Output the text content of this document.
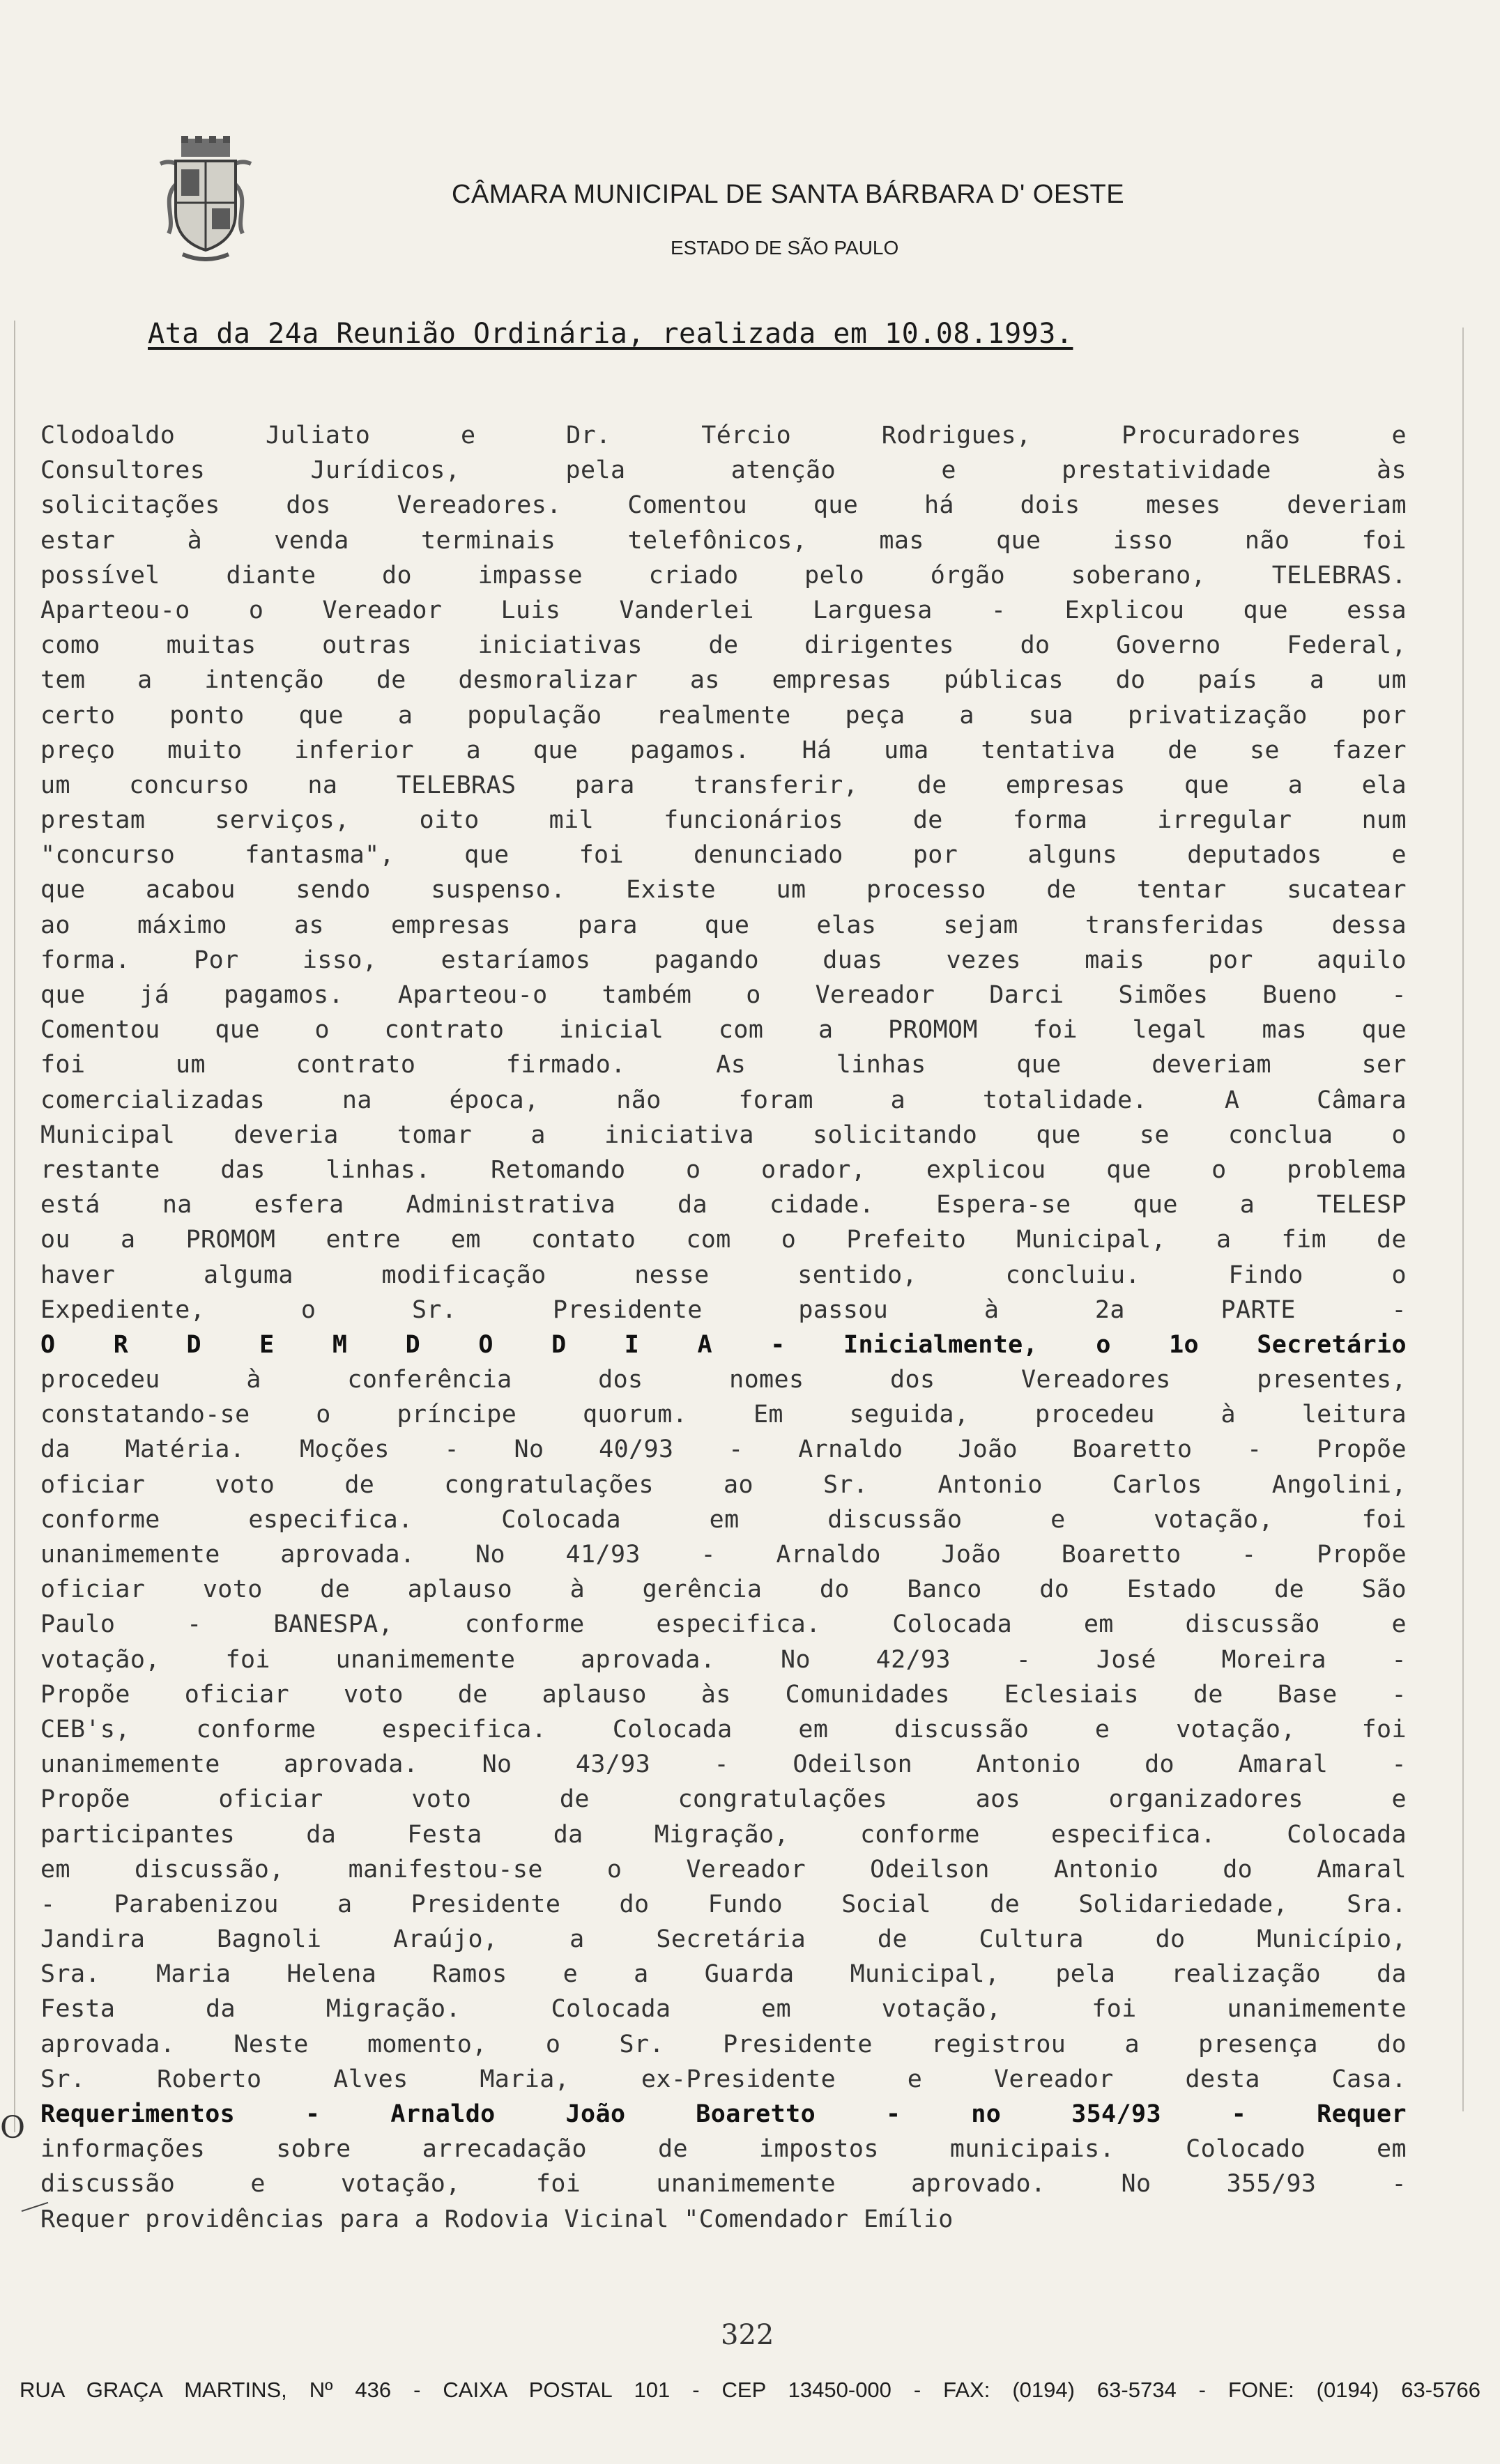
CÂMARA MUNICIPAL DE SANTA BÁRBARA D' OESTE
ESTADO DE SÃO PAULO
Ata da 24a Reunião Ordinária, realizada em 10.08.1993.
Clodoaldo Juliato e Dr. Tércio Rodrigues, Procuradores e
Consultores Jurídicos, pela atenção e prestatividade às
solicitações dos Vereadores. Comentou que há dois meses deveriam
estar à venda terminais telefônicos, mas que isso não foi
possível diante do impasse criado pelo órgão soberano, TELEBRAS.
Aparteou-o o Vereador Luis Vanderlei Larguesa - Explicou que essa
como muitas outras iniciativas de dirigentes do Governo Federal,
tem a intenção de desmoralizar as empresas públicas do país a um
certo ponto que a população realmente peça a sua privatização por
preço muito inferior a que pagamos. Há uma tentativa de se fazer
um concurso na TELEBRAS para transferir, de empresas que a ela
prestam serviços, oito mil funcionários de forma irregular num
"concurso fantasma", que foi denunciado por alguns deputados e
que acabou sendo suspenso. Existe um processo de tentar sucatear
ao máximo as empresas para que elas sejam transferidas dessa
forma. Por isso, estaríamos pagando duas vezes mais por aquilo
que já pagamos. Aparteou-o também o Vereador Darci Simões Bueno -
Comentou que o contrato inicial com a PROMOM foi legal mas que
foi um contrato firmado. As linhas que deveriam ser
comercializadas na época, não foram a totalidade. A Câmara
Municipal deveria tomar a iniciativa solicitando que se conclua o
restante das linhas. Retomando o orador, explicou que o problema
está na esfera Administrativa da cidade. Espera-se que a TELESP
ou a PROMOM entre em contato com o Prefeito Municipal, a fim de
haver alguma modificação nesse sentido, concluiu. Findo o
Expediente, o Sr. Presidente passou à 2a PARTE -
O R D E M D O D I A - Inicialmente, o 1o Secretário
procedeu à conferência dos nomes dos Vereadores presentes,
constatando-se o príncipe quorum. Em seguida, procedeu à leitura
da Matéria. Moções - No 40/93 - Arnaldo João Boaretto - Propõe
oficiar voto de congratulações ao Sr. Antonio Carlos Angolini,
conforme especifica. Colocada em discussão e votação, foi
unanimemente aprovada. No 41/93 - Arnaldo João Boaretto - Propõe
oficiar voto de aplauso à gerência do Banco do Estado de São
Paulo - BANESPA, conforme especifica. Colocada em discussão e
votação, foi unanimemente aprovada. No 42/93 - José Moreira -
Propõe oficiar voto de aplauso às Comunidades Eclesiais de Base -
CEB's, conforme especifica. Colocada em discussão e votação, foi
unanimemente aprovada. No 43/93 - Odeilson Antonio do Amaral -
Propõe oficiar voto de congratulações aos organizadores e
participantes da Festa da Migração, conforme especifica. Colocada
em discussão, manifestou-se o Vereador Odeilson Antonio do Amaral
- Parabenizou a Presidente do Fundo Social de Solidariedade, Sra.
Jandira Bagnoli Araújo, a Secretária de Cultura do Município,
Sra. Maria Helena Ramos e a Guarda Municipal, pela realização da
Festa da Migração. Colocada em votação, foi unanimemente
aprovada. Neste momento, o Sr. Presidente registrou a presença do
Sr. Roberto Alves Maria, ex-Presidente e Vereador desta Casa.
Requerimentos - Arnaldo João Boaretto - no 354/93 - Requer
informações sobre arrecadação de impostos municipais. Colocado em
discussão e votação, foi unanimemente aprovado. No 355/93 -
Requer providências para a Rodovia Vicinal "Comendador Emílio
O
322
RUA GRAÇA MARTINS, Nº 436 - CAIXA POSTAL 101 - CEP 13450-000 - FAX: (0194) 63-5734 - FONE: (0194) 63-5766
